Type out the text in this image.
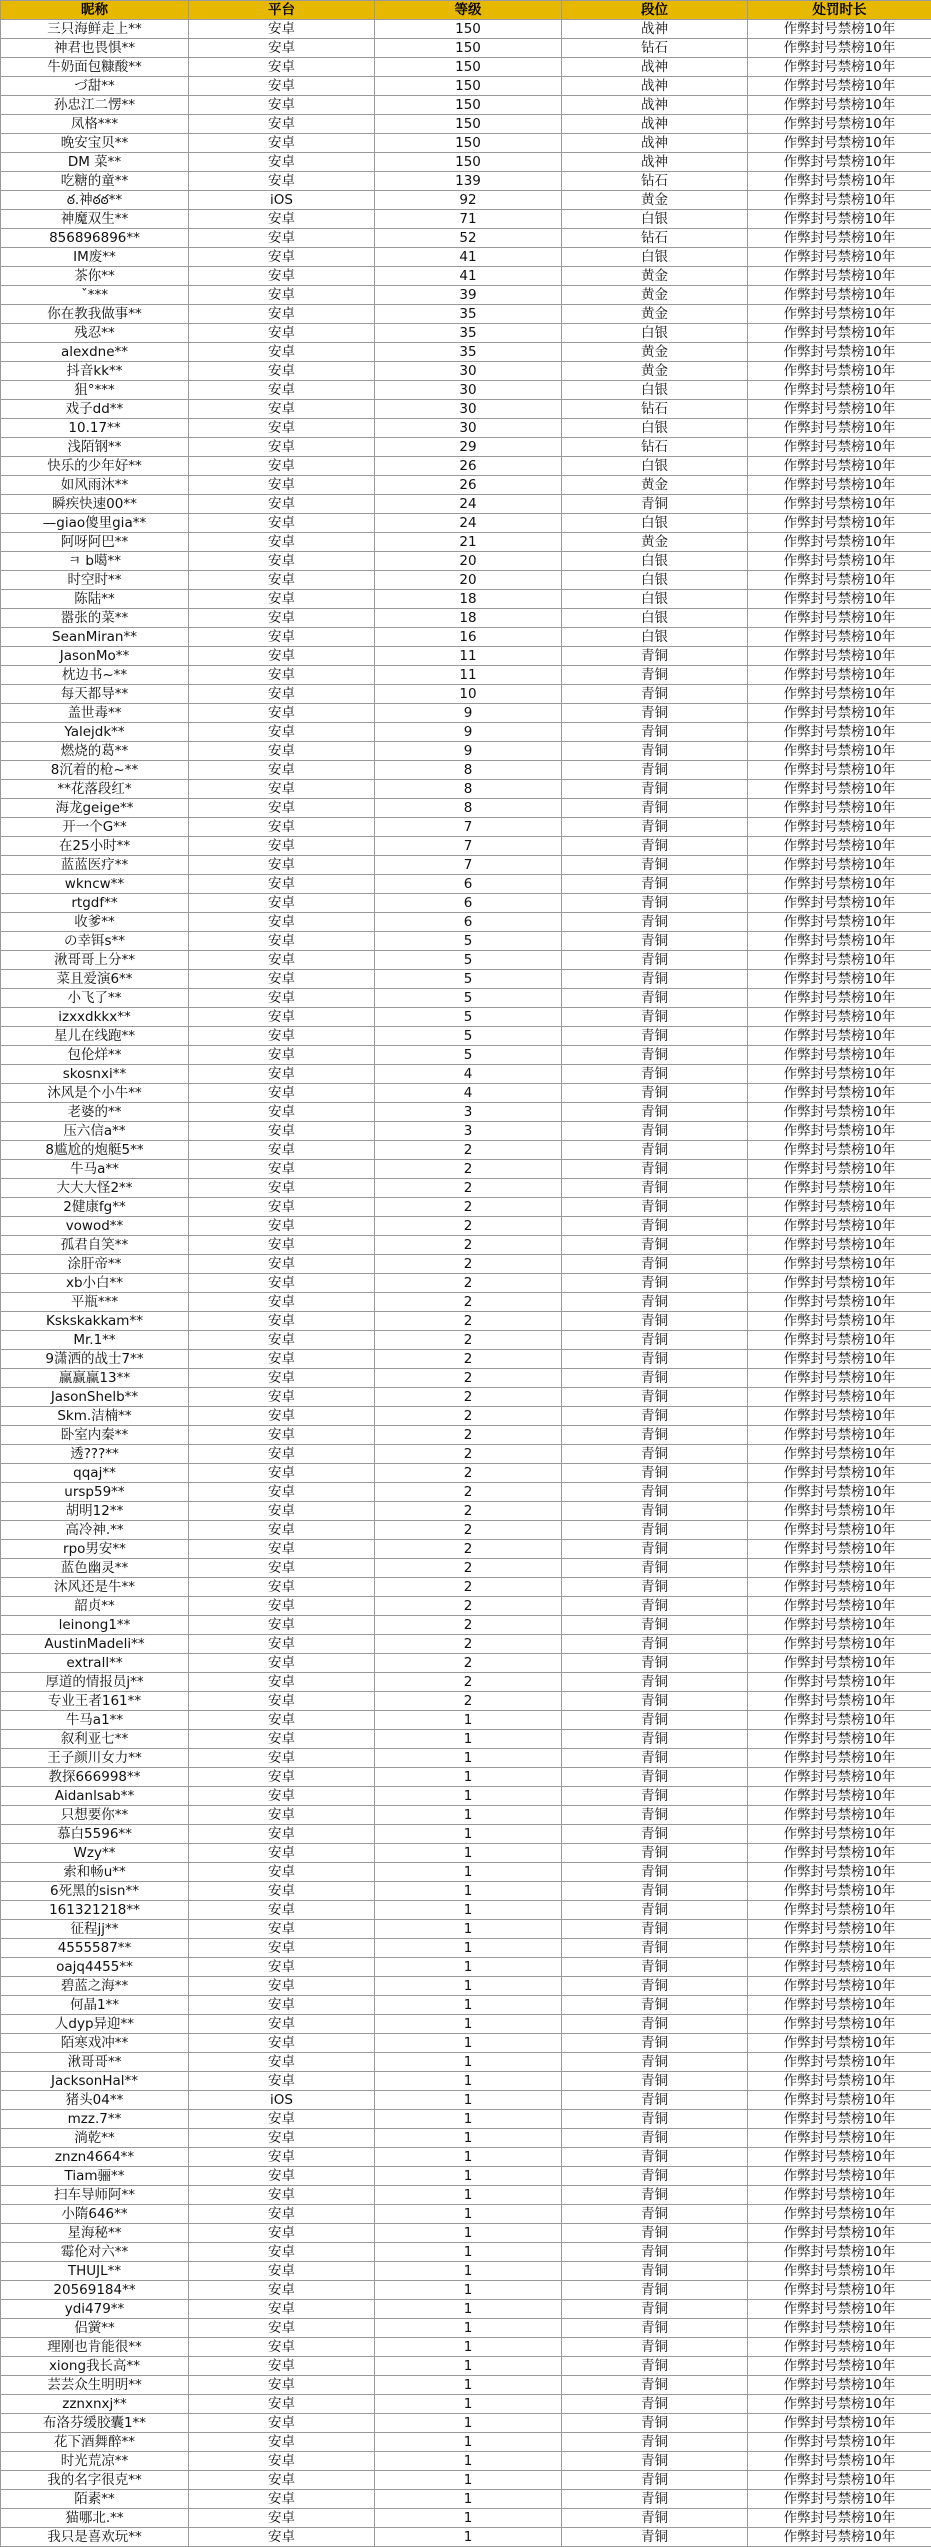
昵称	平台	等级	段位	处罚时长
三只海鲜走上**	安卓	150	战神	作弊封号禁榜10年
神君也畏惧**	安卓	150	钻石	作弊封号禁榜10年
牛奶面包糠酸**	安卓	150	战神	作弊封号禁榜10年
づ甜**	安卓	150	战神	作弊封号禁榜10年
孙忠江二愣**	安卓	150	战神	作弊封号禁榜10年
凤格***	安卓	150	战神	作弊封号禁榜10年
晚安宝贝**	安卓	150	战神	作弊封号禁榜10年
DM 菜**	安卓	150	战神	作弊封号禁榜10年
吃糖的童**	安卓	139	钻石	作弊封号禁榜10年
ఠ.神ఠఠ**	iOS	92	黄金	作弊封号禁榜10年
神魔双生**	安卓	71	白银	作弊封号禁榜10年
856896896**	安卓	52	钻石	作弊封号禁榜10年
IM废**	安卓	41	白银	作弊封号禁榜10年
茶你**	安卓	41	黄金	作弊封号禁榜10年
ˇ***	安卓	39	黄金	作弊封号禁榜10年
你在教我做事**	安卓	35	黄金	作弊封号禁榜10年
残忍**	安卓	35	白银	作弊封号禁榜10年
alexdne**	安卓	35	黄金	作弊封号禁榜10年
抖音kk**	安卓	30	黄金	作弊封号禁榜10年
狙°***	安卓	30	白银	作弊封号禁榜10年
戏子dd**	安卓	30	钻石	作弊封号禁榜10年
10.17**	安卓	30	白银	作弊封号禁榜10年
浅陌钢**	安卓	29	钻石	作弊封号禁榜10年
快乐的少年好**	安卓	26	白银	作弊封号禁榜10年
如风雨沐**	安卓	26	黄金	作弊封号禁榜10年
瞬疾快速00**	安卓	24	青铜	作弊封号禁榜10年
—giao傻里gia**	安卓	24	白银	作弊封号禁榜10年
阿呀阿巴**	安卓	21	黄金	作弊封号禁榜10年
ㅋ b噶**	安卓	20	白银	作弊封号禁榜10年
时空时**	安卓	20	白银	作弊封号禁榜10年
陈陆**	安卓	18	白银	作弊封号禁榜10年
嚣张的菜**	安卓	18	白银	作弊封号禁榜10年
SeanMiran**	安卓	16	白银	作弊封号禁榜10年
JasonMo**	安卓	11	青铜	作弊封号禁榜10年
枕边书~**	安卓	11	青铜	作弊封号禁榜10年
每天都导**	安卓	10	青铜	作弊封号禁榜10年
盖世毒**	安卓	9	青铜	作弊封号禁榜10年
Yalejdk**	安卓	9	青铜	作弊封号禁榜10年
燃烧的葛**	安卓	9	青铜	作弊封号禁榜10年
8沉着的枪~**	安卓	8	青铜	作弊封号禁榜10年
**花落段红*	安卓	8	青铜	作弊封号禁榜10年
海龙geige**	安卓	8	青铜	作弊封号禁榜10年
开一个G**	安卓	7	青铜	作弊封号禁榜10年
在25小时**	安卓	7	青铜	作弊封号禁榜10年
蓝蓝医疗**	安卓	7	青铜	作弊封号禁榜10年
wkncw**	安卓	6	青铜	作弊封号禁榜10年
rtgdf**	安卓	6	青铜	作弊封号禁榜10年
收爹**	安卓	6	青铜	作弊封号禁榜10年
の幸铒s**	安卓	5	青铜	作弊封号禁榜10年
湫哥哥上分**	安卓	5	青铜	作弊封号禁榜10年
菜且爱演6**	安卓	5	青铜	作弊封号禁榜10年
小飞了**	安卓	5	青铜	作弊封号禁榜10年
izxxdkkx**	安卓	5	青铜	作弊封号禁榜10年
星儿在线跑**	安卓	5	青铜	作弊封号禁榜10年
包伦烊**	安卓	5	青铜	作弊封号禁榜10年
skosnxi**	安卓	4	青铜	作弊封号禁榜10年
沐风是个小牛**	安卓	4	青铜	作弊封号禁榜10年
老婆的**	安卓	3	青铜	作弊封号禁榜10年
压六信a**	安卓	3	青铜	作弊封号禁榜10年
8尴尬的炮艇5**	安卓	2	青铜	作弊封号禁榜10年
牛马a**	安卓	2	青铜	作弊封号禁榜10年
大大大怪2**	安卓	2	青铜	作弊封号禁榜10年
2健康fg**	安卓	2	青铜	作弊封号禁榜10年
vowod**	安卓	2	青铜	作弊封号禁榜10年
孤君自笑**	安卓	2	青铜	作弊封号禁榜10年
涂肝帝**	安卓	2	青铜	作弊封号禁榜10年
xb小白**	安卓	2	青铜	作弊封号禁榜10年
平瓶***	安卓	2	青铜	作弊封号禁榜10年
Kskskakkam**	安卓	2	青铜	作弊封号禁榜10年
Mr.1**	安卓	2	青铜	作弊封号禁榜10年
9潇洒的战士7**	安卓	2	青铜	作弊封号禁榜10年
赢赢赢13**	安卓	2	青铜	作弊封号禁榜10年
JasonShelb**	安卓	2	青铜	作弊封号禁榜10年
Skm.洁楠**	安卓	2	青铜	作弊封号禁榜10年
卧室内秦**	安卓	2	青铜	作弊封号禁榜10年
透???**	安卓	2	青铜	作弊封号禁榜10年
qqaj**	安卓	2	青铜	作弊封号禁榜10年
ursp59**	安卓	2	青铜	作弊封号禁榜10年
胡明12**	安卓	2	青铜	作弊封号禁榜10年
高冷神.**	安卓	2	青铜	作弊封号禁榜10年
rpo男安**	安卓	2	青铜	作弊封号禁榜10年
蓝色幽灵**	安卓	2	青铜	作弊封号禁榜10年
沐风还是牛**	安卓	2	青铜	作弊封号禁榜10年
韶贞**	安卓	2	青铜	作弊封号禁榜10年
leinong1**	安卓	2	青铜	作弊封号禁榜10年
AustinMadeli**	安卓	2	青铜	作弊封号禁榜10年
extrall**	安卓	2	青铜	作弊封号禁榜10年
厚道的情报员j**	安卓	2	青铜	作弊封号禁榜10年
专业王者161**	安卓	2	青铜	作弊封号禁榜10年
牛马a1**	安卓	1	青铜	作弊封号禁榜10年
叙利亚七**	安卓	1	青铜	作弊封号禁榜10年
王子颜川女力**	安卓	1	青铜	作弊封号禁榜10年
教探666998**	安卓	1	青铜	作弊封号禁榜10年
Aidanlsab**	安卓	1	青铜	作弊封号禁榜10年
只想要你**	安卓	1	青铜	作弊封号禁榜10年
慕白5596**	安卓	1	青铜	作弊封号禁榜10年
Wzy**	安卓	1	青铜	作弊封号禁榜10年
索和畅u**	安卓	1	青铜	作弊封号禁榜10年
6死黑的sisn**	安卓	1	青铜	作弊封号禁榜10年
161321218**	安卓	1	青铜	作弊封号禁榜10年
征程jj**	安卓	1	青铜	作弊封号禁榜10年
4555587**	安卓	1	青铜	作弊封号禁榜10年
oajq4455**	安卓	1	青铜	作弊封号禁榜10年
碧蓝之海**	安卓	1	青铜	作弊封号禁榜10年
何晶1**	安卓	1	青铜	作弊封号禁榜10年
人dyp异迎**	安卓	1	青铜	作弊封号禁榜10年
陌寒戏冲**	安卓	1	青铜	作弊封号禁榜10年
湫哥哥**	安卓	1	青铜	作弊封号禁榜10年
JacksonHal**	安卓	1	青铜	作弊封号禁榜10年
猪头04**	iOS	1	青铜	作弊封号禁榜10年
mzz.7**	安卓	1	青铜	作弊封号禁榜10年
淌乾**	安卓	1	青铜	作弊封号禁榜10年
znzn4664**	安卓	1	青铜	作弊封号禁榜10年
Tiam骊**	安卓	1	青铜	作弊封号禁榜10年
扫车导师阿**	安卓	1	青铜	作弊封号禁榜10年
小隋646**	安卓	1	青铜	作弊封号禁榜10年
星海秘**	安卓	1	青铜	作弊封号禁榜10年
霉伦对六**	安卓	1	青铜	作弊封号禁榜10年
THUJL**	安卓	1	青铜	作弊封号禁榜10年
20569184**	安卓	1	青铜	作弊封号禁榜10年
ydi479**	安卓	1	青铜	作弊封号禁榜10年
侣黉**	安卓	1	青铜	作弊封号禁榜10年
理刚也肯能很**	安卓	1	青铜	作弊封号禁榜10年
xiong我长高**	安卓	1	青铜	作弊封号禁榜10年
芸芸众生明明**	安卓	1	青铜	作弊封号禁榜10年
zznxnxj**	安卓	1	青铜	作弊封号禁榜10年
布洛芬缓胶囊1**	安卓	1	青铜	作弊封号禁榜10年
花下酒舞醉**	安卓	1	青铜	作弊封号禁榜10年
时光荒凉**	安卓	1	青铜	作弊封号禁榜10年
我的名字很克**	安卓	1	青铜	作弊封号禁榜10年
陌素**	安卓	1	青铜	作弊封号禁榜10年
猫哪北.**	安卓	1	青铜	作弊封号禁榜10年
我只是喜欢玩**	安卓	1	青铜	作弊封号禁榜10年
